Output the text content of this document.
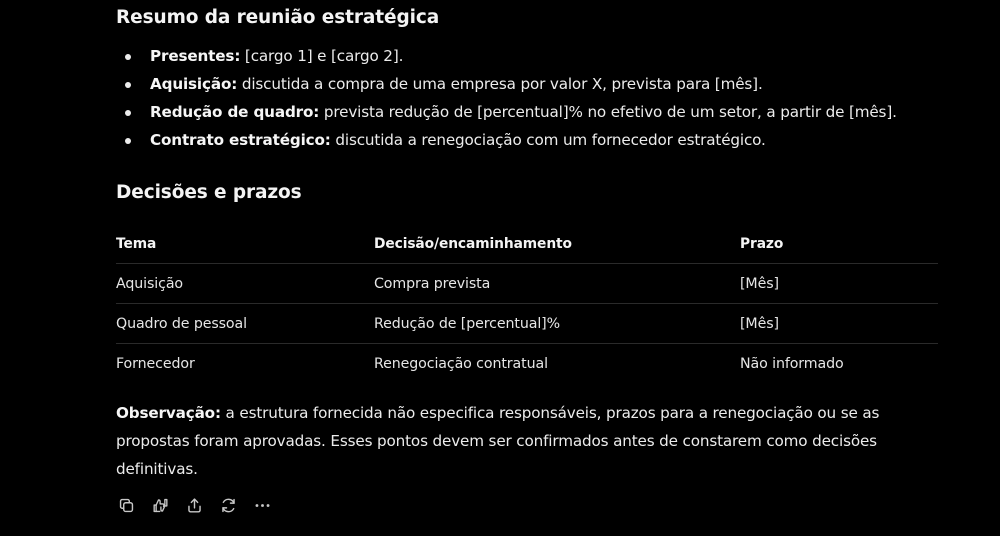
Resumo da reunião estratégica
Presentes: [cargo 1] e [cargo 2].
Aquisição: discutida a compra de uma empresa por valor X, prevista para [mês].
Redução de quadro: prevista redução de [percentual]% no efetivo de um setor, a partir de [mês].
Contrato estratégico: discutida a renegociação com um fornecedor estratégico.
Decisões e prazos
Tema	Decisão/encaminhamento	Prazo
Aquisição	Compra prevista	[Mês]
Quadro de pessoal	Redução de [percentual]%	[Mês]
Fornecedor	Renegociação contratual	Não informado

Observação: a estrutura fornecida não especifica responsáveis, prazos para a renegociação ou se as propostas foram aprovadas. Esses pontos devem ser confirmados antes de constarem como decisões definitivas.
